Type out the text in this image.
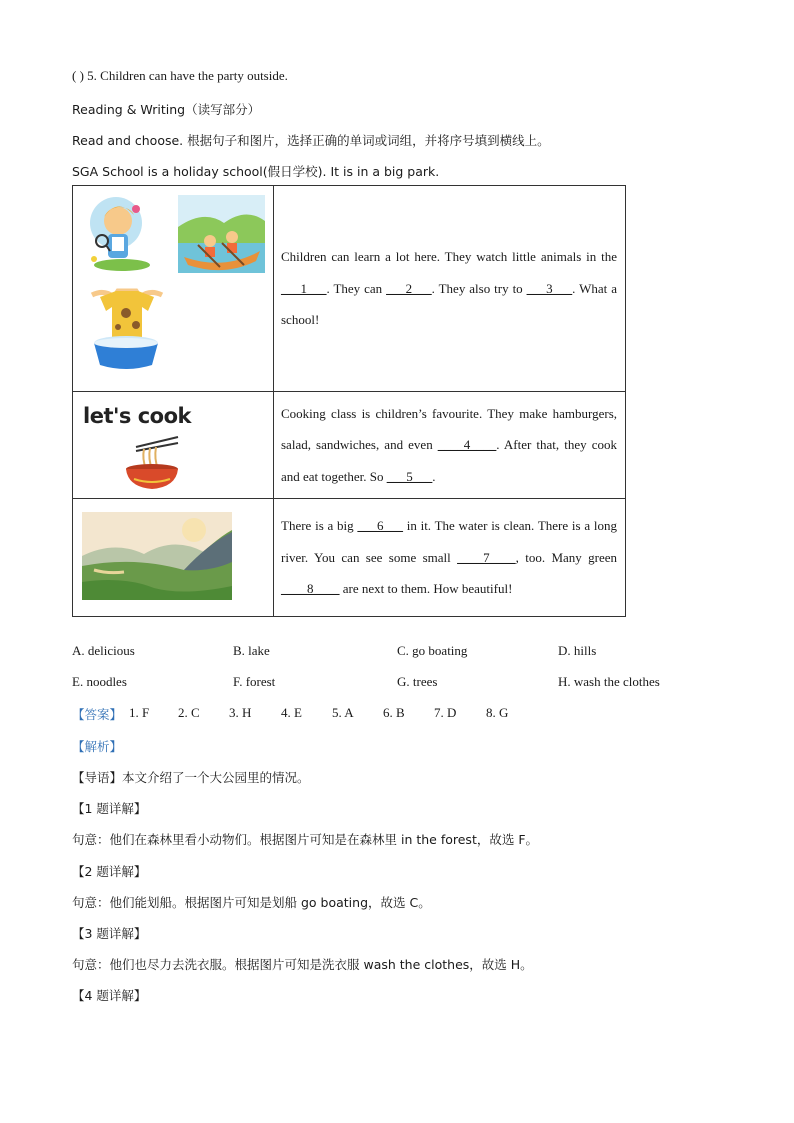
( ) 5. Children can have the party outside.
Reading & Writing（读写部分）
Read and choose. 根据句子和图片，选择正确的单词或词组，并将序号填到横线上。
SGA School is a holiday school(假日学校). It is in a big park.
	Children can learn a lot here. They watch little animals in the ___1___. They can ___2___. They also try to ___3___. What a school!

let's cook	Cooking class is children’s favourite. They make hamburgers, salad, sandwiches, and even ____4____. After that, they cook and eat together. So ___5___.

	There is a big ___6___ in it. The water is clean. There is a long river. You can see some small ____7____, too. Many green ____8____ are next to them. How beautiful!
A. delicious	B. lake	C. go boating	D. hills
E. noodles	F. forest	G. trees	H. wash the clothes
【答案】 1. F 2. C 3. H 4. E 5. A 6. B 7. D 8. G
【解析】
【导语】本文介绍了一个大公园里的情况。
【1 题详解】
句意：他们在森林里看小动物们。根据图片可知是在森林里 in the forest，故选 F。
【2 题详解】
句意：他们能划船。根据图片可知是划船 go boating，故选 C。
【3 题详解】
句意：他们也尽力去洗衣服。根据图片可知是洗衣服 wash the clothes，故选 H。
【4 题详解】
